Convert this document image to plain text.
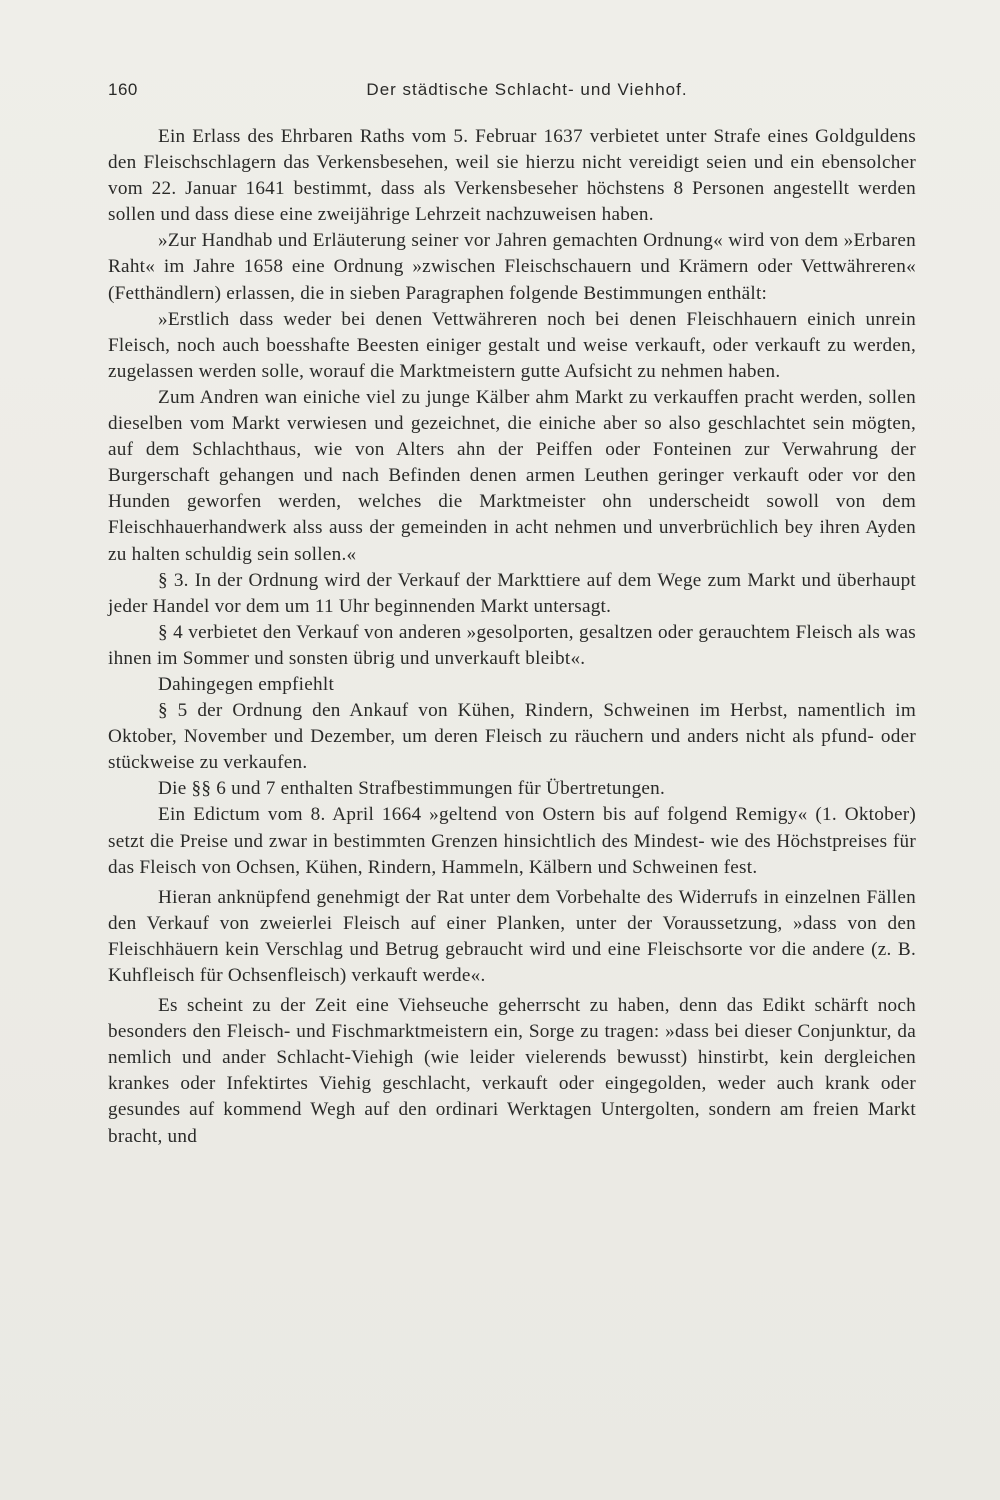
160	Der städtische Schlacht- und Viehhof.

Ein Erlass des Ehrbaren Raths vom 5. Februar 1637 verbietet unter Strafe eines Goldguldens den Fleischschlagern das Verkensbesehen, weil sie hierzu nicht vereidigt seien und ein ebensolcher vom 22. Januar 1641 bestimmt, dass als Verkensbeseher höchstens 8 Personen angestellt werden sollen und dass diese eine zweijährige Lehrzeit nachzuweisen haben.

»Zur Handhab und Erläuterung seiner vor Jahren gemachten Ordnung« wird von dem »Erbaren Raht« im Jahre 1658 eine Ordnung »zwischen Fleischschauern und Krämern oder Vettwähreren« (Fetthändlern) erlassen, die in sieben Paragraphen folgende Bestimmungen enthält:

»Erstlich dass weder bei denen Vettwähreren noch bei denen Fleischhauern einich unrein Fleisch, noch auch boesshafte Beesten einiger gestalt und weise verkauft, oder verkauft zu werden, zugelassen werden solle, worauf die Marktmeistern gutte Aufsicht zu nehmen haben.

Zum Andren wan einiche viel zu junge Kälber ahm Markt zu verkauffen pracht werden, sollen dieselben vom Markt verwiesen und gezeichnet, die einiche aber so also geschlachtet sein mögten, auf dem Schlachthaus, wie von Alters ahn der Peiffen oder Fonteinen zur Verwahrung der Burgerschaft gehangen und nach Befinden denen armen Leuthen geringer verkauft oder vor den Hunden geworfen werden, welches die Marktmeister ohn underscheidt sowoll von dem Fleischhauerhandwerk alss auss der gemeinden in acht nehmen und unverbrüchlich bey ihren Ayden zu halten schuldig sein sollen.«

§ 3. In der Ordnung wird der Verkauf der Markttiere auf dem Wege zum Markt und überhaupt jeder Handel vor dem um 11 Uhr beginnenden Markt untersagt.

§ 4 verbietet den Verkauf von anderen »gesolporten, gesaltzen oder gerauchtem Fleisch als was ihnen im Sommer und sonsten übrig und unverkauft bleibt«.

Dahingegen empfiehlt

§ 5 der Ordnung den Ankauf von Kühen, Rindern, Schweinen im Herbst, namentlich im Oktober, November und Dezember, um deren Fleisch zu räuchern und anders nicht als pfund- oder stückweise zu verkaufen.

Die §§ 6 und 7 enthalten Strafbestimmungen für Übertretungen.

Ein Edictum vom 8. April 1664 »geltend von Ostern bis auf folgend Remigy« (1. Oktober) setzt die Preise und zwar in bestimmten Grenzen hinsichtlich des Mindest- wie des Höchstpreises für das Fleisch von Ochsen, Kühen, Rindern, Hammeln, Kälbern und Schweinen fest.

Hieran anknüpfend genehmigt der Rat unter dem Vorbehalte des Widerrufs in einzelnen Fällen den Verkauf von zweierlei Fleisch auf einer Planken, unter der Voraussetzung, »dass von den Fleischhäuern kein Verschlag und Betrug gebraucht wird und eine Fleischsorte vor die andere (z. B. Kuhfleisch für Ochsenfleisch) verkauft werde«.

Es scheint zu der Zeit eine Viehseuche geherrscht zu haben, denn das Edikt schärft noch besonders den Fleisch- und Fischmarktmeistern ein, Sorge zu tragen: »dass bei dieser Conjunktur, da nemlich und ander Schlacht-Viehigh (wie leider vielerends bewusst) hinstirbt, kein dergleichen krankes oder Infektirtes Viehig geschlacht, verkauft oder eingegolden, weder auch krank oder gesundes auf kommend Wegh auf den ordinari Werktagen Untergolten, sondern am freien Markt bracht, und
